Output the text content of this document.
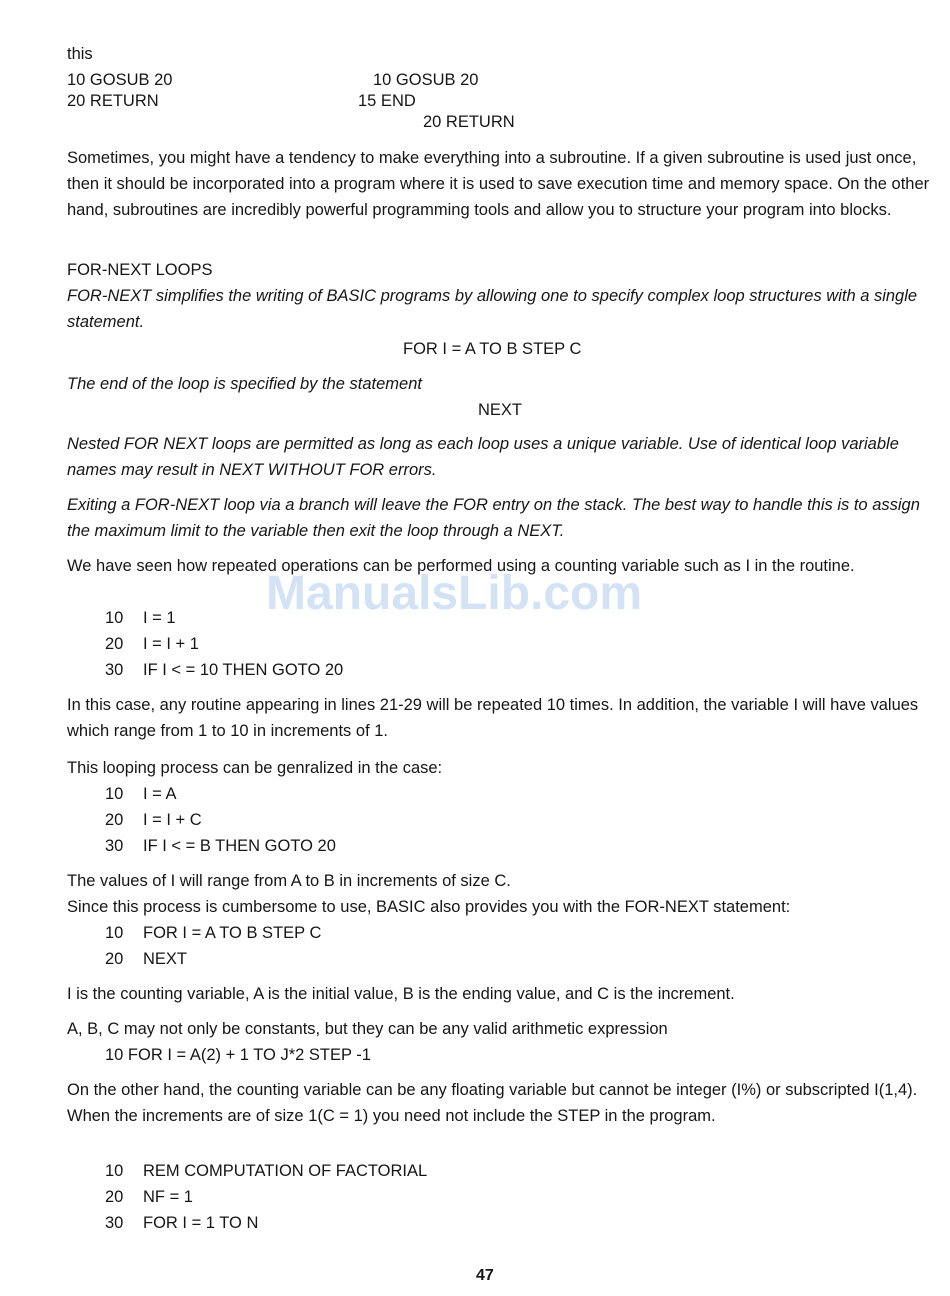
ManualsLib.com
this
10 GOSUB 20
20 RETURN
10 GOSUB 20
15 END
20 RETURN
Sometimes, you might have a tendency to make everything into a subroutine. If a given subroutine is used just once, then it should be incorporated into a program where it is used to save execution time and memory space. On the other hand, subroutines are incredibly powerful programming tools and allow you to structure your program into blocks.
FOR-NEXT LOOPS
FOR-NEXT simplifies the writing of BASIC programs by allowing one to specify complex loop structures with a single statement.
FOR I = A TO B STEP C
The end of the loop is specified by the statement
NEXT
Nested FOR NEXT loops are permitted as long as each loop uses a unique variable. Use of identical loop variable names may result in NEXT WITHOUT FOR errors.
Exiting a FOR-NEXT loop via a branch will leave the FOR entry on the stack. The best way to handle this is to assign the maximum limit to the variable then exit the loop through a NEXT.
We have seen how repeated operations can be performed using a counting variable such as I in the routine.
10 I = 1
20 I = I + 1
30 IF I < = 10 THEN GOTO 20
In this case, any routine appearing in lines 21-29 will be repeated 10 times. In addition, the variable I will have values which range from 1 to 10 in increments of 1.
This looping process can be genralized in the case:
10 I = A
20 I = I + C
30 IF I < = B THEN GOTO 20
The values of I will range from A to B in increments of size C.
Since this process is cumbersome to use, BASIC also provides you with the FOR-NEXT statement:
10 FOR I = A TO B STEP C
20 NEXT
I is the counting variable, A is the initial value, B is the ending value, and C is the increment.
A, B, C may not only be constants, but they can be any valid arithmetic expression
10 FOR I = A(2) + 1 TO J*2 STEP -1
On the other hand, the counting variable can be any floating variable but cannot be integer (I%) or subscripted I(1,4). When the increments are of size 1(C = 1) you need not include the STEP in the program.
10 REM COMPUTATION OF FACTORIAL
20 NF = 1
30 FOR I = 1 TO N
47
